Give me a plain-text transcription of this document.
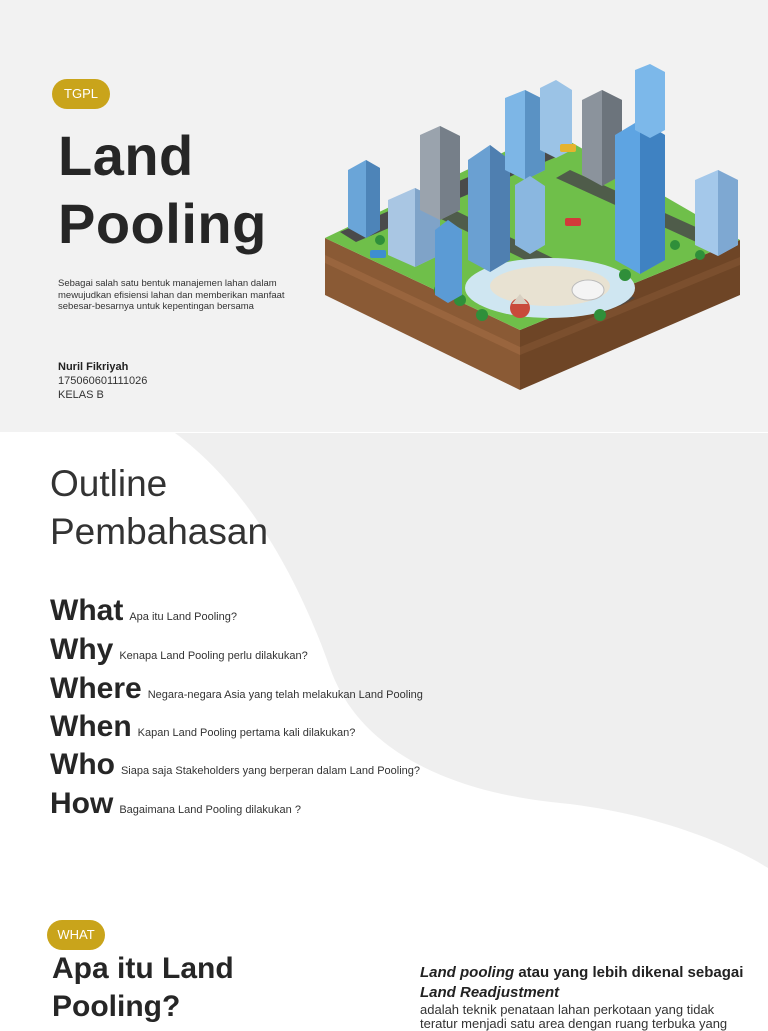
TGPL
Land
Pooling
Sebagai salah satu bentuk manajemen lahan dalam mewujudkan efisiensi lahan dan memberikan manfaat sebesar-besarnya untuk kepentingan bersama
Nuril Fikriyah
175060601111026
KELAS B
Outline
Pembahasan
What Apa itu Land Pooling?
Why Kenapa Land Pooling perlu dilakukan?
Where Negara-negara Asia yang telah melakukan Land Pooling
When Kapan Land Pooling pertama kali dilakukan?
Who Siapa saja Stakeholders yang berperan dalam Land Pooling?
How Bagaimana Land Pooling dilakukan ?
WHAT
Apa itu Land
Pooling?
Land pooling atau yang lebih dikenal sebagai Land Readjustment
adalah teknik penataan lahan perkotaan yang tidak teratur menjadi satu area dengan ruang terbuka yang
